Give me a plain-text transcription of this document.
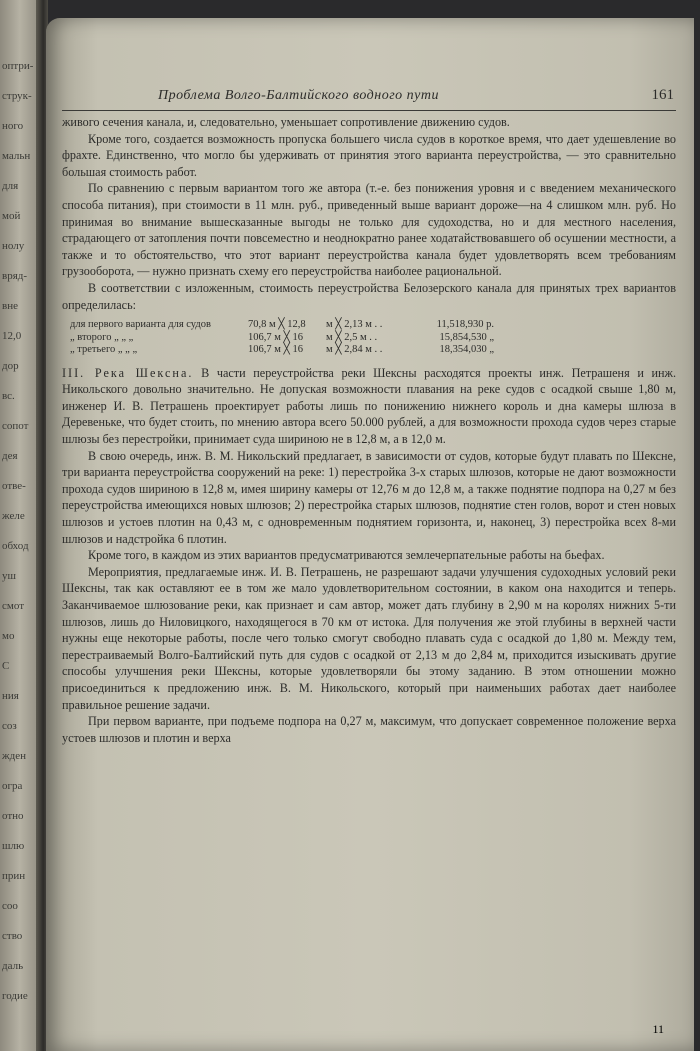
оптри-
струк-
ного
мальн
для
мой
нолу
вряд-
вне
12,0
дор
вс.
сопот
дея
отве-
желе
обход
уш
смот
мо
С
ния
соз
жден
огра
отно
шлю
прин
соо
ство
даль
годие
Проблема Волго-Балтийского водного пути	161

живого сечения канала, и, следовательно, уменьшает сопротивление движению судов.

Кроме того, создается возможность пропуска большего числа судов в короткое время, что дает удешевление во фрахте. Единственно, что могло бы удерживать от принятия этого варианта переустройства, — это сравнительно большая стоимость работ.

По сравнению с первым вариантом того же автора (т.-е. без понижения уровня и с введением механического способа питания), при стоимости в 11 млн. руб., приведенный выше вариант дороже—на 4 слишком млн. руб. Но принимая во внимание вышесказанные выгоды не только для судоходства, но и для местного населения, страдающего от затопления почти повсеместно и неоднократно ранее ходатайствовавшего об осушении местности, а также и то обстоятельство, что этот вариант переустройства канала будет удовлетворять всем требованиям грузооборота, — нужно признать схему его переустройства наиболее рациональной.

В соответствии с изложенным, стоимость переустройства Белозерского канала для принятых трех вариантов определилась:

для первого варианта для судов	70,8 м ╳ 12,8	м ╳ 2,13 м . .	11,518,930 р.
„ второго „ „ „	106,7 м ╳ 16	м ╳ 2,5 м . .	15,854,530 „
„ третьего „ „ „	106,7 м ╳ 16	м ╳ 2,84 м . .	18,354,030 „

III. Река Шексна. В части переустройства реки Шексны расходятся проекты инж. Петрашеня и инж. Никольского довольно значительно. Не допуская возможности плавания на реке судов с осадкой свыше 1,80 м, инженер И. В. Петрашень проектирует работы лишь по понижению нижнего король и дна камеры шлюза в Деревеньке, что будет стоить, по мнению автора всего 50.000 рублей, а для возможности прохода судов через старые шлюзы без перестройки, принимает суда шириною не в 12,8 м, а в 12,0 м.

В свою очередь, инж. В. М. Никольский предлагает, в зависимости от судов, которые будут плавать по Шексне, три варианта переустройства сооружений на реке: 1) перестройка 3-х старых шлюзов, которые не дают возможности прохода судов шириною в 12,8 м, имея ширину камеры от 12,76 м до 12,8 м, а также поднятие подпора на 0,27 м без переустройства имеющихся новых шлюзов; 2) перестройка старых шлюзов, поднятие стен голов, ворот и стен новых шлюзов и устоев плотин на 0,43 м, с одновременным поднятием горизонта, и, наконец, 3) перестройка всех 8-ми шлюзов и надстройка 6 плотин.

Кроме того, в каждом из этих вариантов предусматриваются землечерпательные работы на бьефах.

Мероприятия, предлагаемые инж. И. В. Петрашень, не разрешают задачи улучшения судоходных условий реки Шексны, так как оставляют ее в том же мало удовлетворительном состоянии, в каком она находится и теперь. Заканчиваемое шлюзование реки, как признает и сам автор, может дать глубину в 2,90 м на королях нижних 5-ти шлюзов, лишь до Ниловицкого, находящегося в 70 км от истока. Для получения же этой глубины в верхней части нужны еще некоторые работы, после чего только смогут свободно плавать суда с осадкой до 1,80 м. Между тем, перестраиваемый Волго-Балтийский путь для судов с осадкой от 2,13 м до 2,84 м, приходится изыскивать другие способы улучшения реки Шексны, которые удовлетворяли бы этому заданию. В этом отношении можно присоединиться к предложению инж. В. М. Никольского, который при наименьших работах дает наиболее правильное решение задачи.

При первом варианте, при подъеме подпора на 0,27 м, максимум, что допускает современное положение верха устоев шлюзов и плотин и верха

11
